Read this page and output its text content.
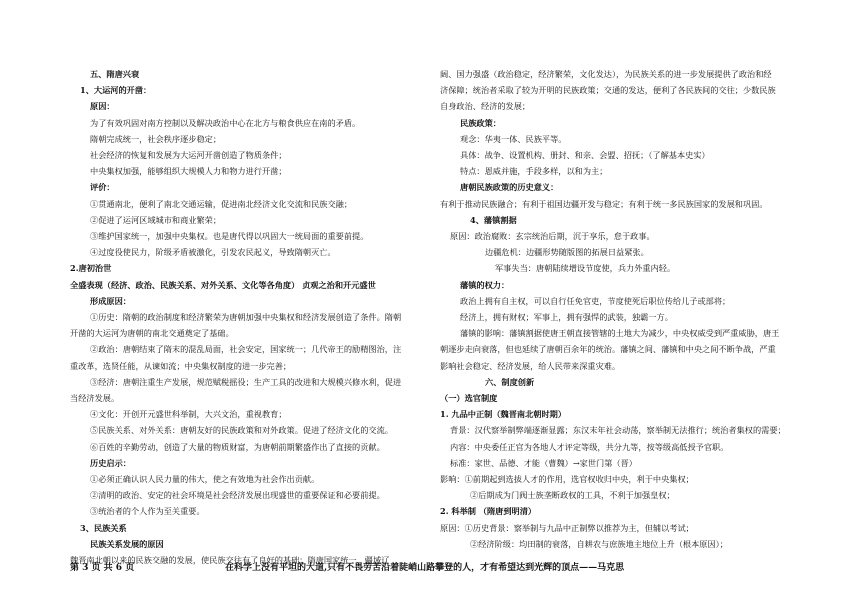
五、隋唐兴衰
1、大运河的开凿：
原因：
为了有效巩固对南方控制以及解决政治中心在北方与粮食供应在南的矛盾。
隋朝完成统一，社会秩序逐步稳定；
社会经济的恢复和发展为大运河开凿创造了物质条件；
中央集权加强，能够组织大规模人力和物力进行开凿；
评价：
①贯通南北，便利了南北交通运输，促进南北经济文化交流和民族交融；
②促进了运河区域城市和商业繁荣；
③维护国家统一，加强中央集权。也是唐代得以巩固大一统局面的重要前提。
④过度役使民力，阶级矛盾被激化，引发农民起义，导致隋朝灭亡。
2.唐初治世
全盛表现（经济、政治、民族关系、对外关系、文化等各角度） 贞观之治和开元盛世
形成原因：
①历史：隋朝的政治制度和经济繁荣为唐朝加强中央集权和经济发展创造了条件。隋朝
开凿的大运河为唐朝的南北交通奠定了基础。
②政治：唐朝结束了隋末的混乱局面，社会安定，国家统一；几代帝王的励精图治，注
重改革，选贤任能，从谏如流；中央集权制度的进一步完善；
③经济：唐朝注重生产发展，规范赋税摇役；生产工具的改进和大规模兴修水利，促进
当经济发展。
④文化：开创开元盛世科举制，大兴文治，重视教育；
⑤民族关系、对外关系：唐朝友好的民族政策和对外政策。促进了经济文化的交流。
⑥百姓的辛勤劳动，创造了大量的物质财富，为唐朝前期繁盛作出了直接的贡献。
历史启示：
①必须正确认识人民力量的伟大，使之有效地为社会作出贡献。
②清明的政治、安定的社会环境是社会经济发展出现盛世的重要保证和必要前提。
③统治者的个人作为至关重要。
3、民族关系
民族关系发展的原因
魏晋南北朝以来的民族交融的发展，使民族交往有了良好的基础；隋唐国家统一、疆域辽
阔、国力强盛（政治稳定，经济繁荣，文化发达），为民族关系的进一步发展提供了政治和经
济保障；统治者采取了较为开明的民族政策；交通的发达，便利了各民族间的交往；少数民族
自身政治、经济的发展；
民族政策：
观念：华夷一体、民族平等。
具体：战争、设置机构、册封、和亲、会盟、招抚；（了解基本史实）
特点：恩威并施，手段多样，以和为主；
唐朝民族政策的历史意义：
有利于推动民族融合；有利于祖国边疆开发与稳定；有利于统一多民族国家的发展和巩固。
4、藩镇割据
原因：政治腐败：玄宗统治后期，沉于享乐，怠于政事。
边疆危机：边疆形势随版图的拓展日益紧张。
军事失当：唐朝陆续增设节度使，兵力外重内轻。
藩镇的权力：
政治上拥有自主权，可以自行任免官吏，节度使死后职位传给儿子或部将；
经济上，拥有财权；军事上，拥有强悍的武装，独霸一方。
藩镇的影响：藩镇割据使唐王朝直接管辖的土地大为减少，中央权威受到严重威胁，唐王
朝逐步走向衰落，但也延续了唐朝百余年的统治。藩镇之间、藩镇和中央之间不断争战，严重
影响社会稳定、经济发展，给人民带来深重灾难。
六、制度创新
（一）选官制度
1. 九品中正制（魏晋南北朝时期）
背景：汉代察举制弊端逐渐显露；东汉末年社会动荡，察举制无法推行；统治者集权的需要；
内容：中央委任正官为各地人才评定等级，共分九等，按等级高低授予官职。
标准：家世、品德、才能（曹魏）→家世门第（晋）
影响：①前期起到选拔人才的作用，选官权收归中央，利于中央集权；
②后期成为门阀士族垄断政权的工具，不利于加强皇权；
2. 科举制 （隋唐到明清）
原因：①历史背景：察举制与九品中正制弊以推荐为主，但辅以考试；
②经济阶级：均田制的衰落，自耕农与庶族地主地位上升（根本原因）；
第 3 页 共 6 页	在科学上没有平坦的大道,只有不畏劳苦沿着陡峭山路攀登的人，才有希望达到光辉的顶点——马克思
